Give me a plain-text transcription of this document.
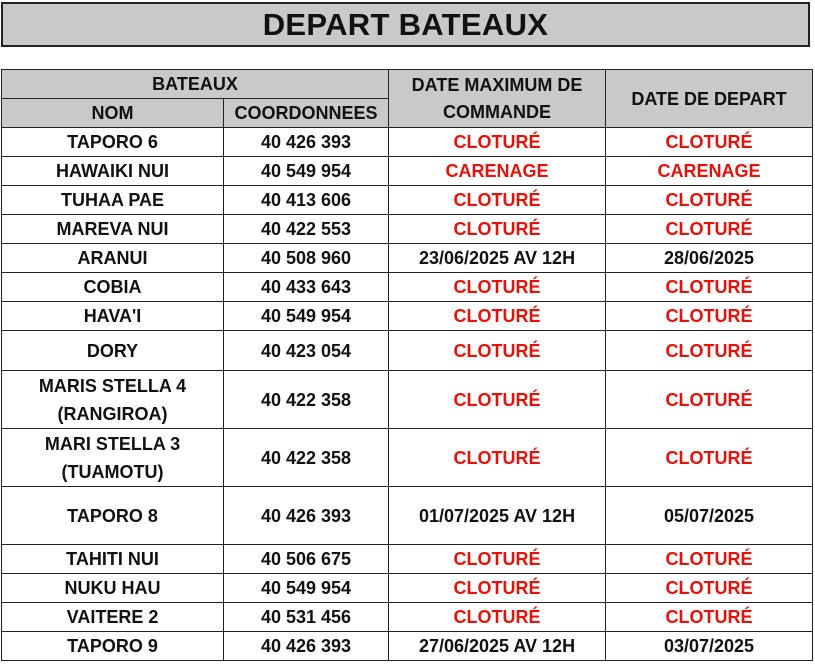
DEPART BATEAUX
BATEAUX		DATE MAXIMUM DE COMMANDE	DATE DE DEPART
NOM	COORDONNEES		

TAPORO 6	40 426 393	CLOTURÉ	CLOTURÉ

HAWAIKI NUI	40 549 954	CARENAGE	CARENAGE

TUHAA PAE	40 413 606	CLOTURÉ	CLOTURÉ

MAREVA NUI	40 422 553	CLOTURÉ	CLOTURÉ

ARANUI	40 508 960	23/06/2025 AV 12H	28/06/2025

COBIA	40 433 643	CLOTURÉ	CLOTURÉ

HAVA'I	40 549 954	CLOTURÉ	CLOTURÉ

DORY	40 423 054	CLOTURÉ	CLOTURÉ

MARIS STELLA 4
(RANGIROA)	40 422 358	CLOTURÉ	CLOTURÉ

MARI STELLA 3
(TUAMOTU)	40 422 358	CLOTURÉ	CLOTURÉ

TAPORO 8	40 426 393	01/07/2025 AV 12H	05/07/2025

TAHITI NUI	40 506 675	CLOTURÉ	CLOTURÉ

NUKU HAU	40 549 954	CLOTURÉ	CLOTURÉ

VAITERE 2	40 531 456	CLOTURÉ	CLOTURÉ

TAPORO 9	40 426 393	27/06/2025 AV 12H	03/07/2025
